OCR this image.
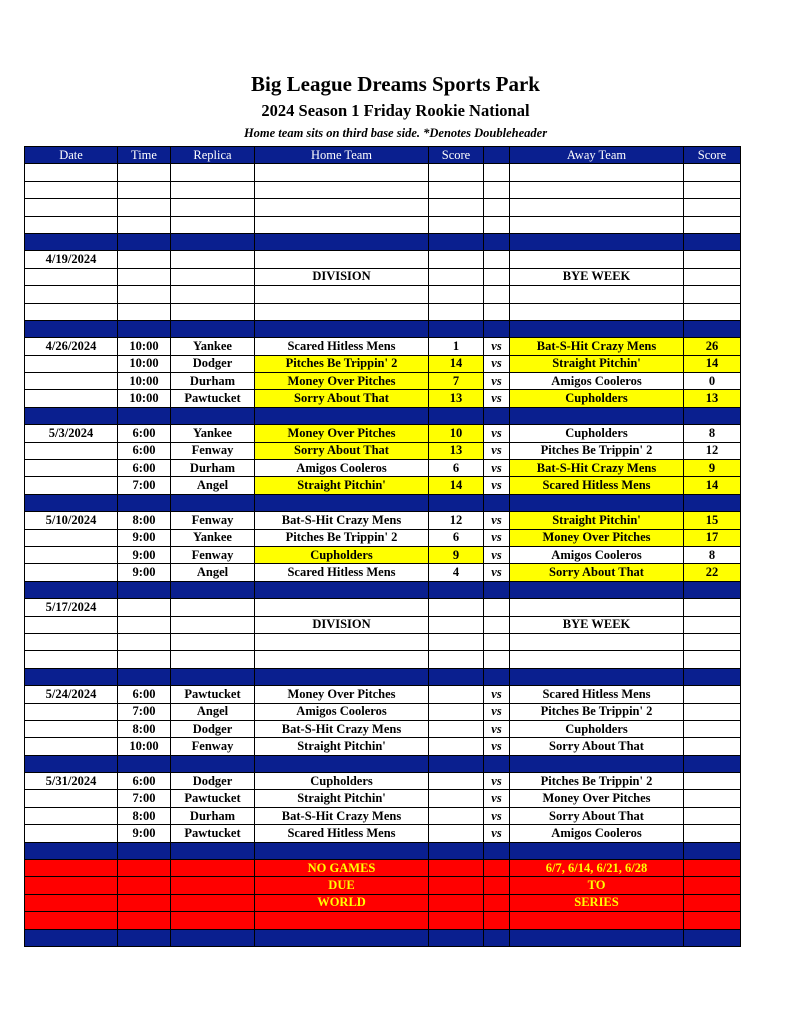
Big League Dreams Sports Park
2024 Season 1 Friday Rookie National
Home team sits on third base side. *Denotes Doubleheader
Date	Time	Replica	Home Team	Score		Away Team	Score

4/19/2024							
			DIVISION			BYE WEEK	

4/26/2024	10:00	Yankee	Scared Hitless Mens	1	vs	Bat-S-Hit Crazy Mens	26
	10:00	Dodger	Pitches Be Trippin' 2	14	vs	Straight Pitchin'	14
	10:00	Durham	Money Over Pitches	7	vs	Amigos Cooleros	0
	10:00	Pawtucket	Sorry About That	13	vs	Cupholders	13

5/3/2024	6:00	Yankee	Money Over Pitches	10	vs	Cupholders	8
	6:00	Fenway	Sorry About That	13	vs	Pitches Be Trippin' 2	12
	6:00	Durham	Amigos Cooleros	6	vs	Bat-S-Hit Crazy Mens	9
	7:00	Angel	Straight Pitchin'	14	vs	Scared Hitless Mens	14

5/10/2024	8:00	Fenway	Bat-S-Hit Crazy Mens	12	vs	Straight Pitchin'	15
	9:00	Yankee	Pitches Be Trippin' 2	6	vs	Money Over Pitches	17
	9:00	Fenway	Cupholders	9	vs	Amigos Cooleros	8
	9:00	Angel	Scared Hitless Mens	4	vs	Sorry About That	22

5/17/2024							
			DIVISION			BYE WEEK	

5/24/2024	6:00	Pawtucket	Money Over Pitches		vs	Scared Hitless Mens	
	7:00	Angel	Amigos Cooleros		vs	Pitches Be Trippin' 2	
	8:00	Dodger	Bat-S-Hit Crazy Mens		vs	Cupholders	
	10:00	Fenway	Straight Pitchin'		vs	Sorry About That	

5/31/2024	6:00	Dodger	Cupholders		vs	Pitches Be Trippin' 2	
	7:00	Pawtucket	Straight Pitchin'		vs	Money Over Pitches	
	8:00	Durham	Bat-S-Hit Crazy Mens		vs	Sorry About That	
	9:00	Pawtucket	Scared Hitless Mens		vs	Amigos Cooleros	

			NO GAMES			6/7, 6/14, 6/21, 6/28	
			DUE			TO	
			WORLD			SERIES	
